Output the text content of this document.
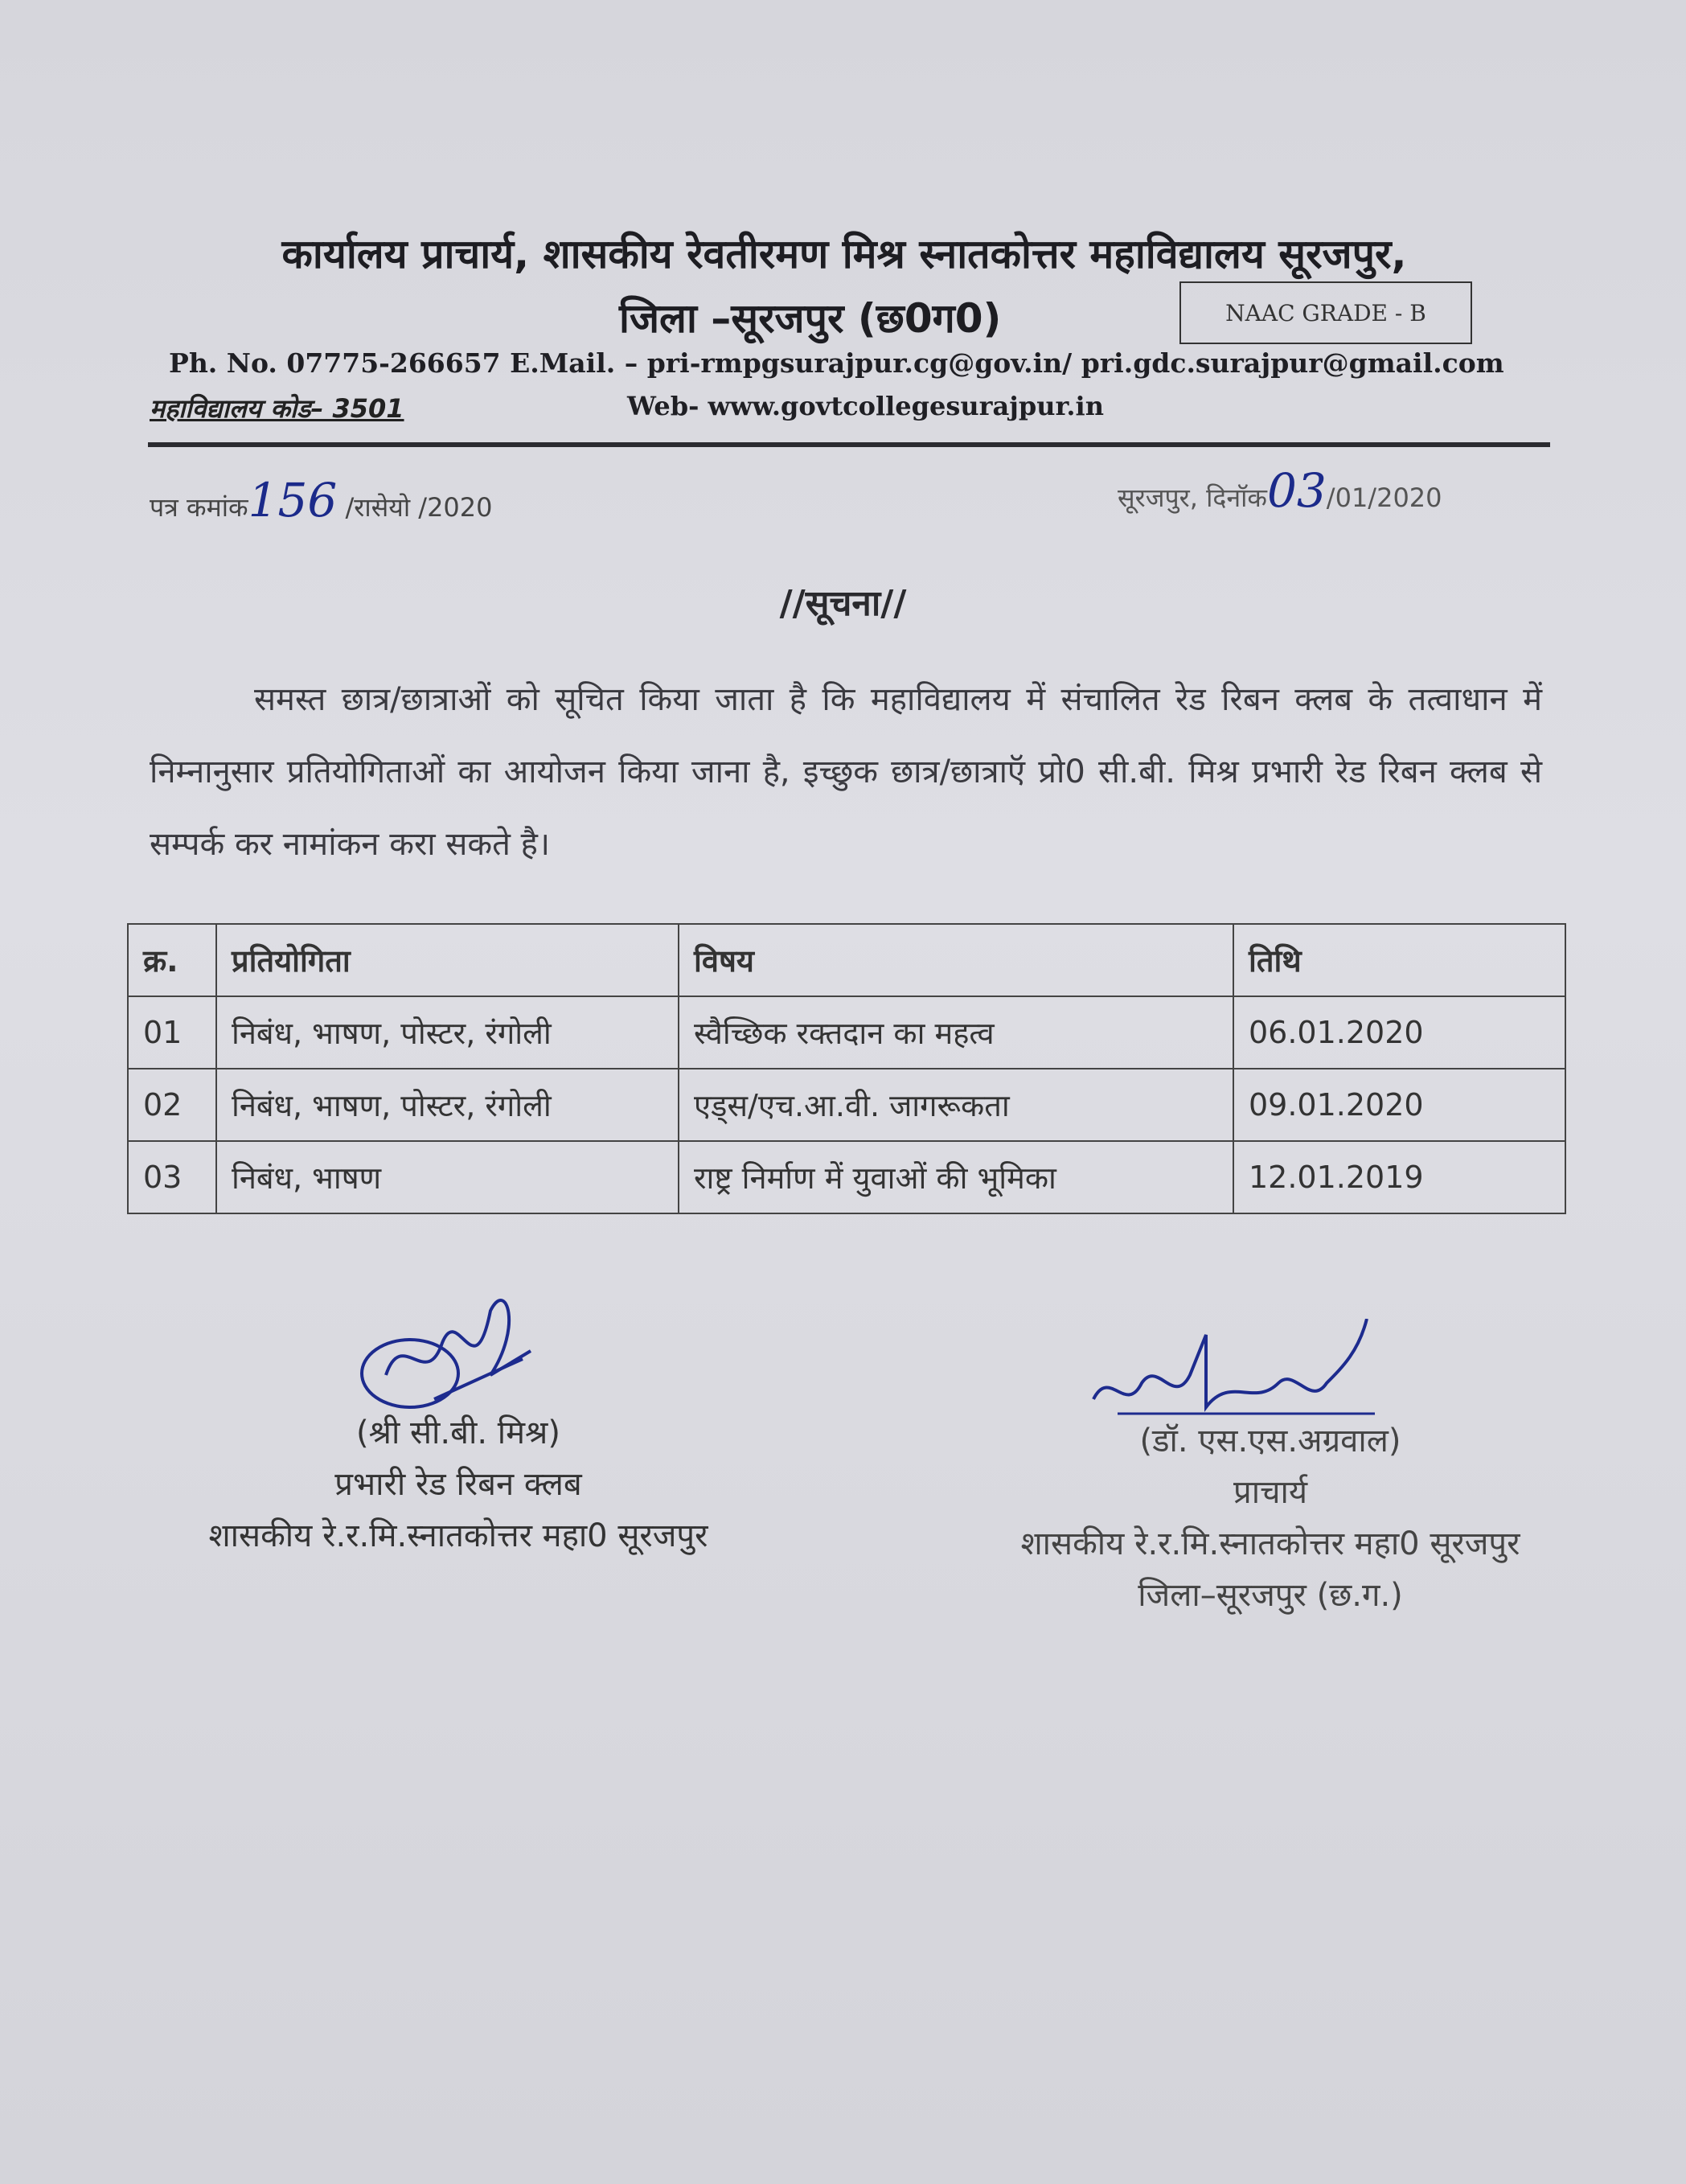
कार्यालय प्राचार्य, शासकीय रेवतीरमण मिश्र स्नातकोत्तर महाविद्यालय सूरजपुर,
जिला –सूरजपुर (छ0ग0)	NAAC GRADE - B
Ph. No. 07775-266657 E.Mail. – pri-rmpgsurajpur.cg@gov.in/ pri.gdc.surajpur@gmail.com
महाविद्यालय कोड– 3501	Web- www.govtcollegesurajpur.in
पत्र कमांक156 /रासेयो /2020	सूरजपुर, दिनॉक03/01/2020
//सूचना//
समस्त छात्र/छात्राओं को सूचित किया जाता है कि महाविद्यालय में संचालित रेड रिबन क्लब के तत्वाधान में निम्नानुसार प्रतियोगिताओं का आयोजन किया जाना है, इच्छुक छात्र/छात्राऍ प्रो0 सी.बी. मिश्र प्रभारी रेड रिबन क्लब से सम्पर्क कर नामांकन करा सकते है।
क्र.	प्रतियोगिता	विषय	तिथि
01	निबंध, भाषण, पोस्टर, रंगोली	स्वैच्छिक रक्तदान का महत्व	06.01.2020
02	निबंध, भाषण, पोस्टर, रंगोली	एड्स/एच.आ.वी. जागरूकता	09.01.2020
03	निबंध, भाषण	राष्ट्र निर्माण में युवाओं की भूमिका	12.01.2019
(श्री सी.बी. मिश्र)
प्रभारी रेड रिबन क्लब
शासकीय रे.र.मि.स्नातकोत्तर महा0 सूरजपुर
(डॉ. एस.एस.अग्रवाल)
प्राचार्य
शासकीय रे.र.मि.स्नातकोत्तर महा0 सूरजपुर
जिला–सूरजपुर (छ.ग.)
